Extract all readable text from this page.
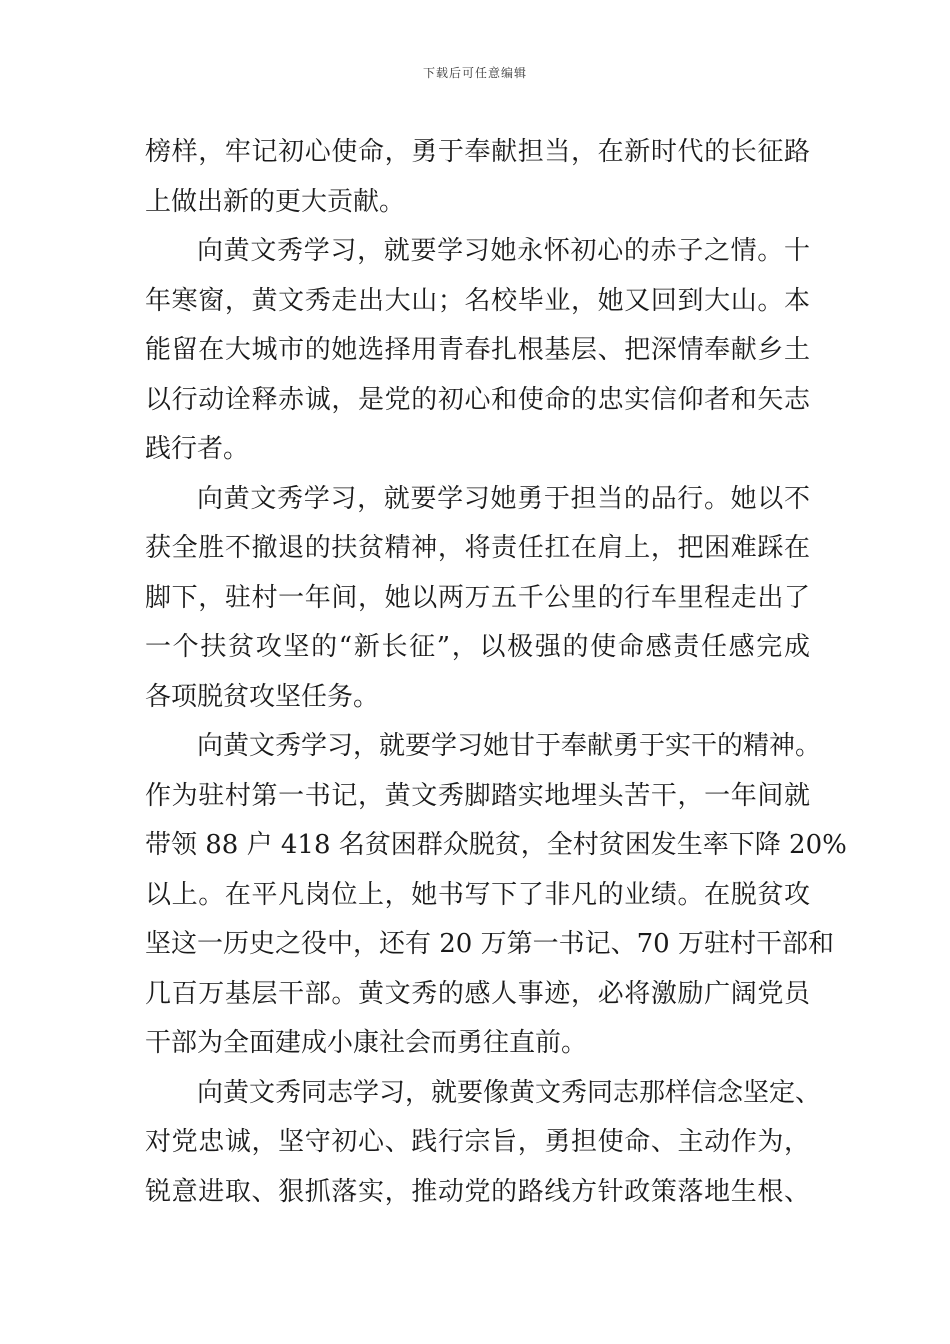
下载后可任意编辑
榜样，牢记初心使命，勇于奉献担当，在新时代的长征路
上做出新的更大贡献。
向黄文秀学习，就要学习她永怀初心的赤子之情。十
年寒窗，黄文秀走出大山；名校毕业，她又回到大山。本
能留在大城市的她选择用青春扎根基层、把深情奉献乡土
以行动诠释赤诚，是党的初心和使命的忠实信仰者和矢志
践行者。
向黄文秀学习，就要学习她勇于担当的品行。她以不
获全胜不撤退的扶贫精神，将责任扛在肩上，把困难踩在
脚下，驻村一年间，她以两万五千公里的行车里程走出了
一个扶贫攻坚的“新长征”，以极强的使命感责任感完成
各项脱贫攻坚任务。
向黄文秀学习，就要学习她甘于奉献勇于实干的精神。
作为驻村第一书记，黄文秀脚踏实地埋头苦干，一年间就
带领 88 户 418 名贫困群众脱贫，全村贫困发生率下降 20%
以上。在平凡岗位上，她书写下了非凡的业绩。在脱贫攻
坚这一历史之役中，还有 20 万第一书记、70 万驻村干部和
几百万基层干部。黄文秀的感人事迹，必将激励广阔党员
干部为全面建成小康社会而勇往直前。
向黄文秀同志学习，就要像黄文秀同志那样信念坚定、
对党忠诚，坚守初心、践行宗旨，勇担使命、主动作为，
锐意进取、狠抓落实，推动党的路线方针政策落地生根、
